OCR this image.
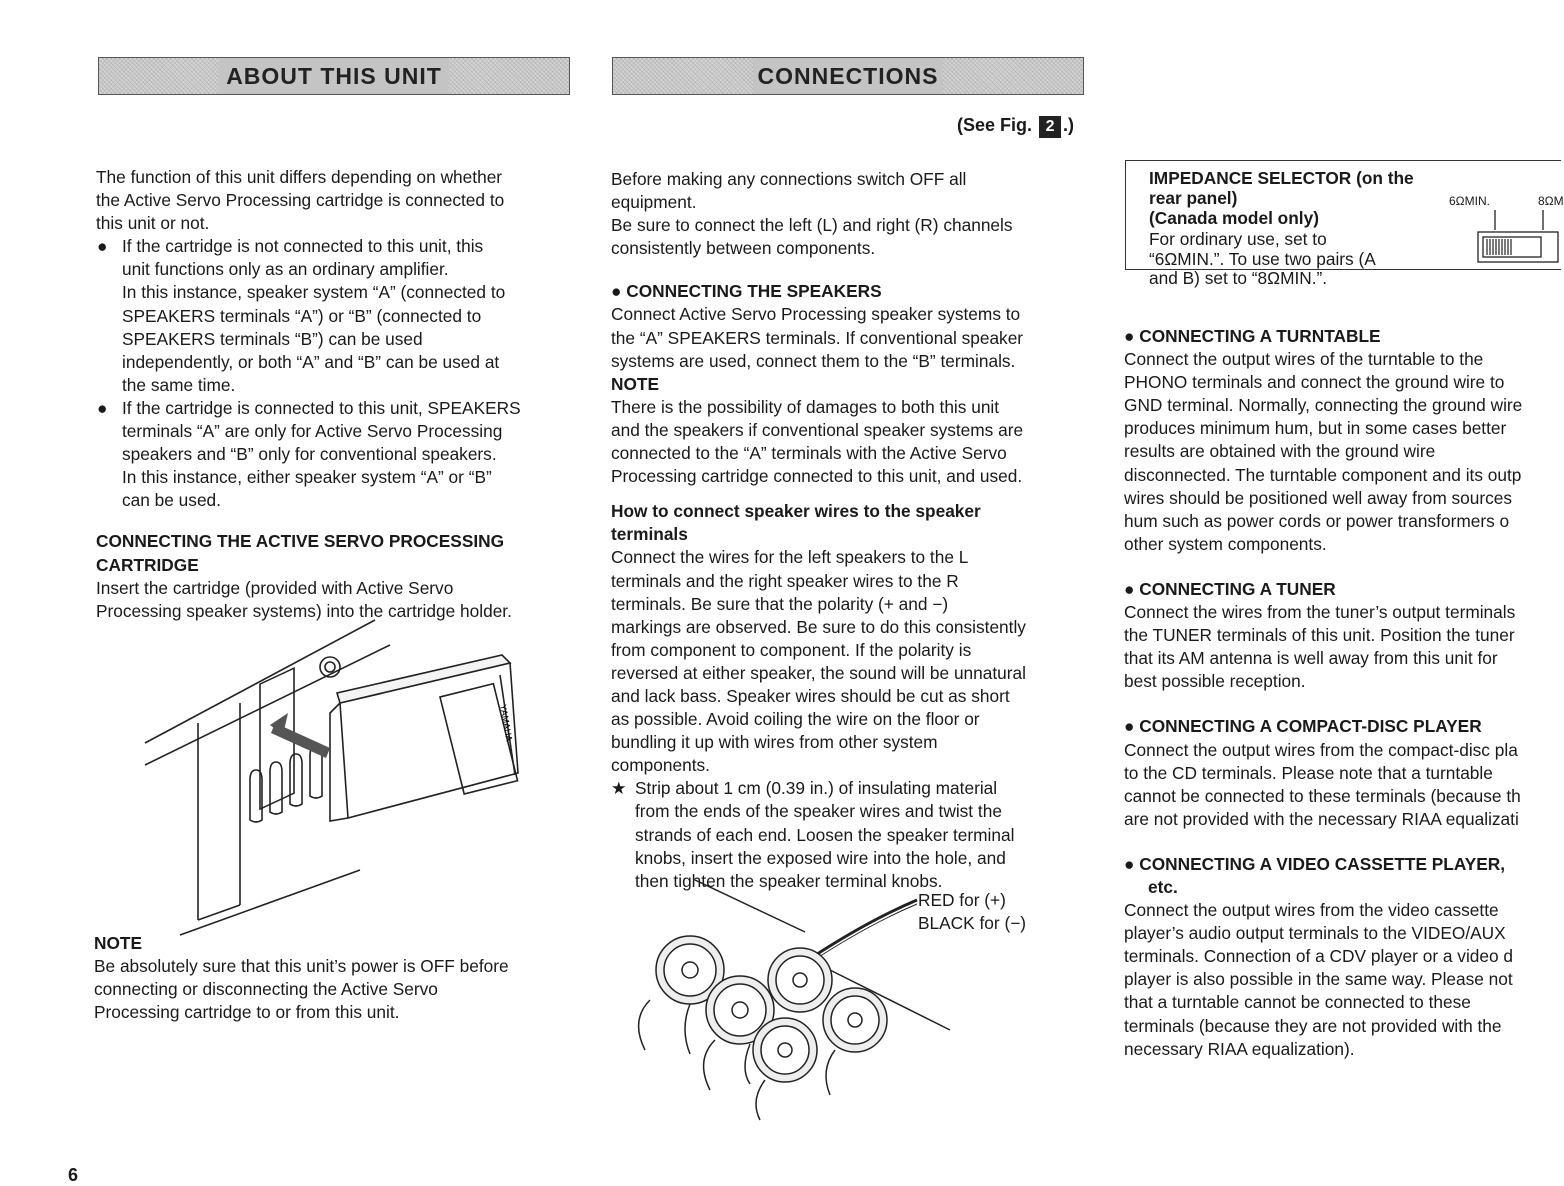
ABOUT THIS UNIT	CONNECTIONS
(See Fig. 2 .)

The function of this unit differs depending on whether
the Active Servo Processing cartridge is connected to
this unit or not.

● If the cartridge is not connected to this unit, this
unit functions only as an ordinary amplifier.
In this instance, speaker system “A” (connected to
SPEAKERS terminals “A”) or “B” (connected to
SPEAKERS terminals “B”) can be used
independently, or both “A” and “B” can be used at
the same time.
● If the cartridge is connected to this unit, SPEAKERS
terminals “A” are only for Active Servo Processing
speakers and “B” only for conventional speakers.
In this instance, either speaker system “A” or “B”
can be used.

CONNECTING THE ACTIVE SERVO PROCESSING
CARTRIDGE

Insert the cartridge (provided with Active Servo
Processing speaker systems) into the cartridge holder.

YAMAHA

NOTE

Be absolutely sure that this unit’s power is OFF before
connecting or disconnecting the Active Servo
Processing cartridge to or from this unit.

6

Before making any connections switch OFF all
equipment.
Be sure to connect the left (L) and right (R) channels
consistently between components.

● CONNECTING THE SPEAKERS

Connect Active Servo Processing speaker systems to
the “A” SPEAKERS terminals. If conventional speaker
systems are used, connect them to the “B” terminals.

NOTE

There is the possibility of damages to both this unit
and the speakers if conventional speaker systems are
connected to the “A” terminals with the Active Servo
Processing cartridge connected to this unit, and used.

How to connect speaker wires to the speaker
terminals

Connect the wires for the left speakers to the L
terminals and the right speaker wires to the R
terminals. Be sure that the polarity (+ and −)
markings are observed. Be sure to do this consistently
from component to component. If the polarity is
reversed at either speaker, the sound will be unnatural
and lack bass. Speaker wires should be cut as short
as possible. Avoid coiling the wire on the floor or
bundling it up with wires from other system
components.

★ Strip about 1 cm (0.39 in.) of insulating material
from the ends of the speaker wires and twist the
strands of each end. Loosen the speaker terminal
knobs, insert the exposed wire into the hole, and
then tighten the speaker terminal knobs.
RED for (+)
BLACK for (−)

IMPEDANCE SELECTOR (on the
rear panel)
(Canada model only)

For ordinary use, set to
“6ΩMIN.”. To use two pairs (A
and B) set to “8ΩMIN.”.

6ΩMIN.	8ΩM

● CONNECTING A TURNTABLE

Connect the output wires of the turntable to the
PHONO terminals and connect the ground wire to
GND terminal. Normally, connecting the ground wire
produces minimum hum, but in some cases better
results are obtained with the ground wire
disconnected. The turntable component and its outp
wires should be positioned well away from sources
hum such as power cords or power transformers o
other system components.

● CONNECTING A TUNER

Connect the wires from the tuner’s output terminals
the TUNER terminals of this unit. Position the tuner
that its AM antenna is well away from this unit for
best possible reception.

● CONNECTING A COMPACT-DISC PLAYER

Connect the output wires from the compact-disc pla
to the CD terminals. Please note that a turntable
cannot be connected to these terminals (because th
are not provided with the necessary RIAA equalizati

● CONNECTING A VIDEO CASSETTE PLAYER,
etc.

Connect the output wires from the video cassette
player’s audio output terminals to the VIDEO/AUX
terminals. Connection of a CDV player or a video d
player is also possible in the same way. Please not
that a turntable cannot be connected to these
terminals (because they are not provided with the
necessary RIAA equalization).
